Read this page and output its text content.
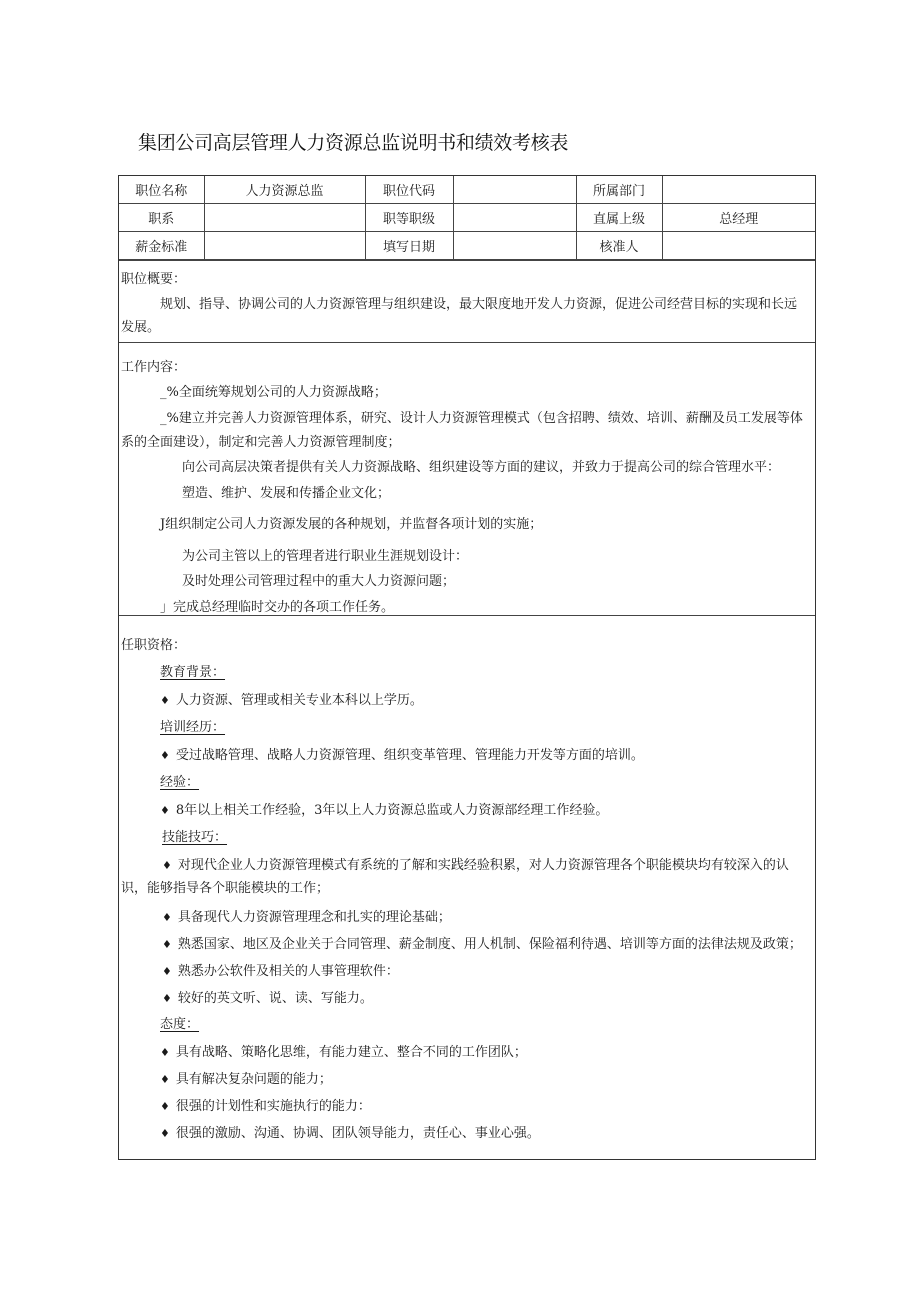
集团公司高层管理人力资源总监说明书和绩效考核表
职位名称	人力资源总监	职位代码		所属部门	
职系		职等职级		直属上级	总经理
薪金标准		填写日期		核准人	
职位概要：
规划、指导、协调公司的人力资源管理与组织建设，最大限度地开发人力资源，促进公司经营目标的实现和长远
发展。
工作内容：
_%全面统筹规划公司的人力资源战略；
_%建立并完善人力资源管理体系，研究、设计人力资源管理模式（包含招聘、绩效、培训、薪酬及员工发展等体
系的全面建设），制定和完善人力资源管理制度；
向公司高层决策者提供有关人力资源战略、组织建设等方面的建议，并致力于提高公司的综合管理水平：
塑造、维护、发展和传播企业文化；
J组织制定公司人力资源发展的各种规划，并监督各项计划的实施；
为公司主管以上的管理者进行职业生涯规划设计：
及时处理公司管理过程中的重大人力资源问题；
」完成总经理临时交办的各项工作任务。
任职资格：
教育背景：
♦ 人力资源、管理或相关专业本科以上学历。
培训经历：
♦ 受过战略管理、战略人力资源管理、组织变革管理、管理能力开发等方面的培训。
经验：
♦ 8年以上相关工作经验，3年以上人力资源总监或人力资源部经理工作经验。
技能技巧：
♦ 对现代企业人力资源管理模式有系统的了解和实践经验积累，对人力资源管理各个职能模块均有较深入的认
识，能够指导各个职能模块的工作；
♦ 具备现代人力资源管理理念和扎实的理论基础；
♦ 熟悉国家、地区及企业关于合同管理、薪金制度、用人机制、保险福利待遇、培训等方面的法律法规及政策；
♦ 熟悉办公软件及相关的人事管理软件：
♦ 较好的英文听、说、读、写能力。
态度：
♦ 具有战略、策略化思维，有能力建立、整合不同的工作团队；
♦ 具有解决复杂问题的能力；
♦ 很强的计划性和实施执行的能力：
♦ 很强的激励、沟通、协调、团队领导能力，责任心、事业心强。
